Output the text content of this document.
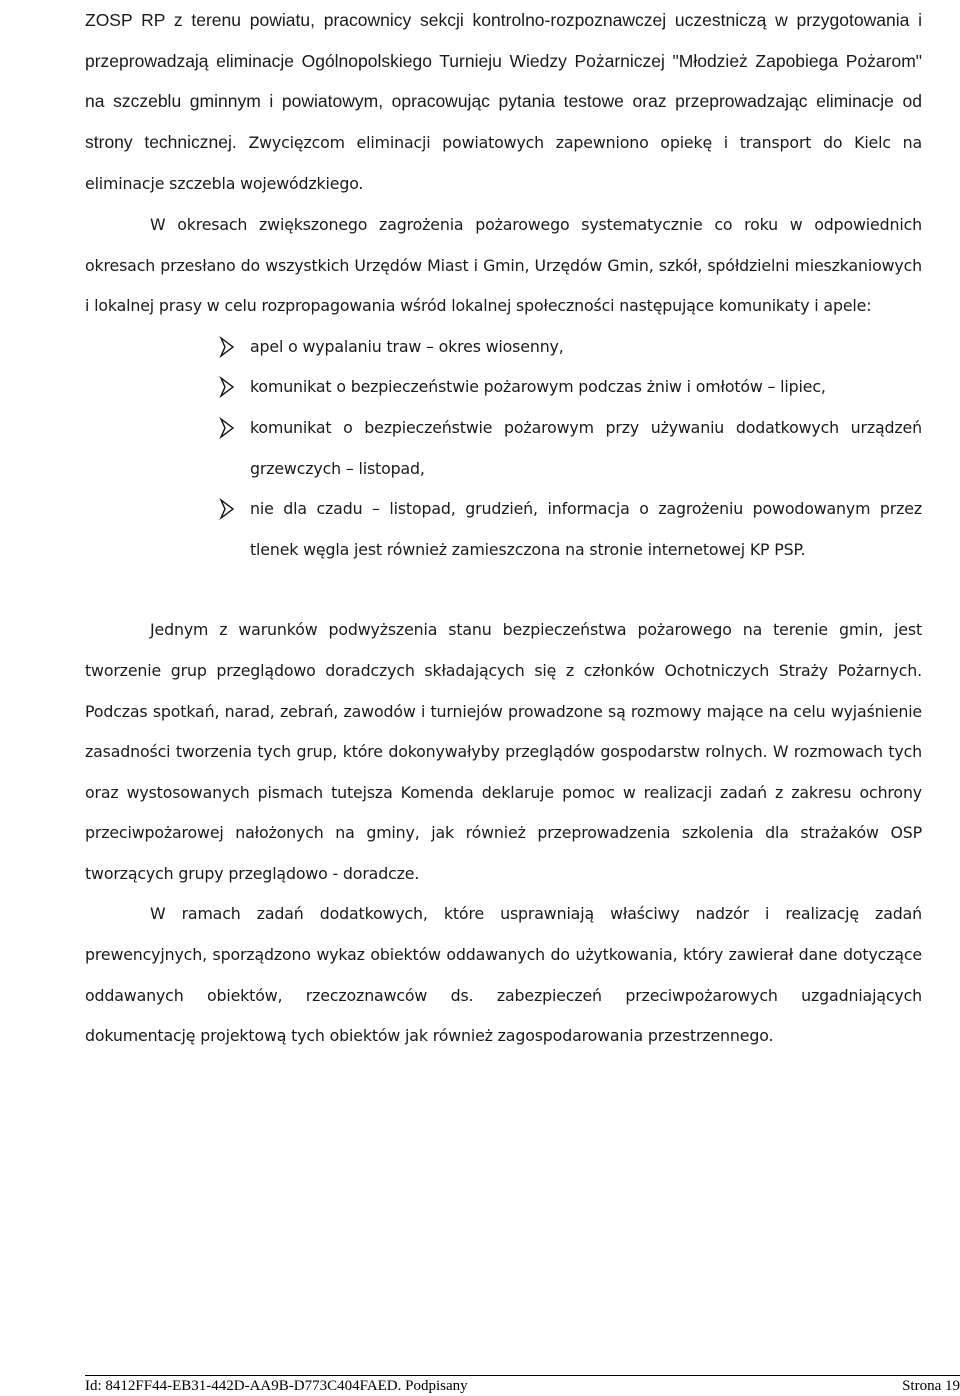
ZOSP RP z terenu powiatu, pracownicy sekcji kontrolno-rozpoznawczej uczestniczą w przygotowania i przeprowadzają eliminacje Ogólnopolskiego Turnieju Wiedzy Pożarniczej "Młodzież Zapobiega Pożarom" na szczeblu gminnym i powiatowym, opracowując pytania testowe oraz przeprowadzając eliminacje od strony technicznej. Zwycięzcom eliminacji powiatowych zapewniono opiekę i transport do Kielc na eliminacje szczebla wojewódzkiego.

W okresach zwiększonego zagrożenia pożarowego systematycznie co roku w odpowiednich okresach przesłano do wszystkich Urzędów Miast i Gmin, Urzędów Gmin, szkół, spółdzielni mieszkaniowych i lokalnej prasy w celu rozpropagowania wśród lokalnej społeczności następujące komunikaty i apele:

apel o wypalaniu traw – okres wiosenny,
komunikat o bezpieczeństwie pożarowym podczas żniw i omłotów – lipiec,
komunikat o bezpieczeństwie pożarowym przy używaniu dodatkowych urządzeń grzewczych – listopad,
nie dla czadu – listopad, grudzień, informacja o zagrożeniu powodowanym przez tlenek węgla jest również zamieszczona na stronie internetowej KP PSP.

Jednym z warunków podwyższenia stanu bezpieczeństwa pożarowego na terenie gmin, jest tworzenie grup przeglądowo doradczych składających się z członków Ochotniczych Straży Pożarnych. Podczas spotkań, narad, zebrań, zawodów i turniejów prowadzone są rozmowy mające na celu wyjaśnienie zasadności tworzenia tych grup, które dokonywałyby przeglądów gospodarstw rolnych. W rozmowach tych oraz wystosowanych pismach tutejsza Komenda deklaruje pomoc w realizacji zadań z zakresu ochrony przeciwpożarowej nałożonych na gminy, jak również przeprowadzenia szkolenia dla strażaków OSP tworzących grupy przeglądowo - doradcze.

W ramach zadań dodatkowych, które usprawniają właściwy nadzór i realizację zadań prewencyjnych, sporządzono wykaz obiektów oddawanych do użytkowania, który zawierał dane dotyczące oddawanych obiektów, rzeczoznawców ds. zabezpieczeń przeciwpożarowych uzgadniających dokumentację projektową tych obiektów jak również zagospodarowania przestrzennego.

Id: 8412FF44-EB31-442D-AA9B-D773C404FAED. Podpisany	Strona 19
